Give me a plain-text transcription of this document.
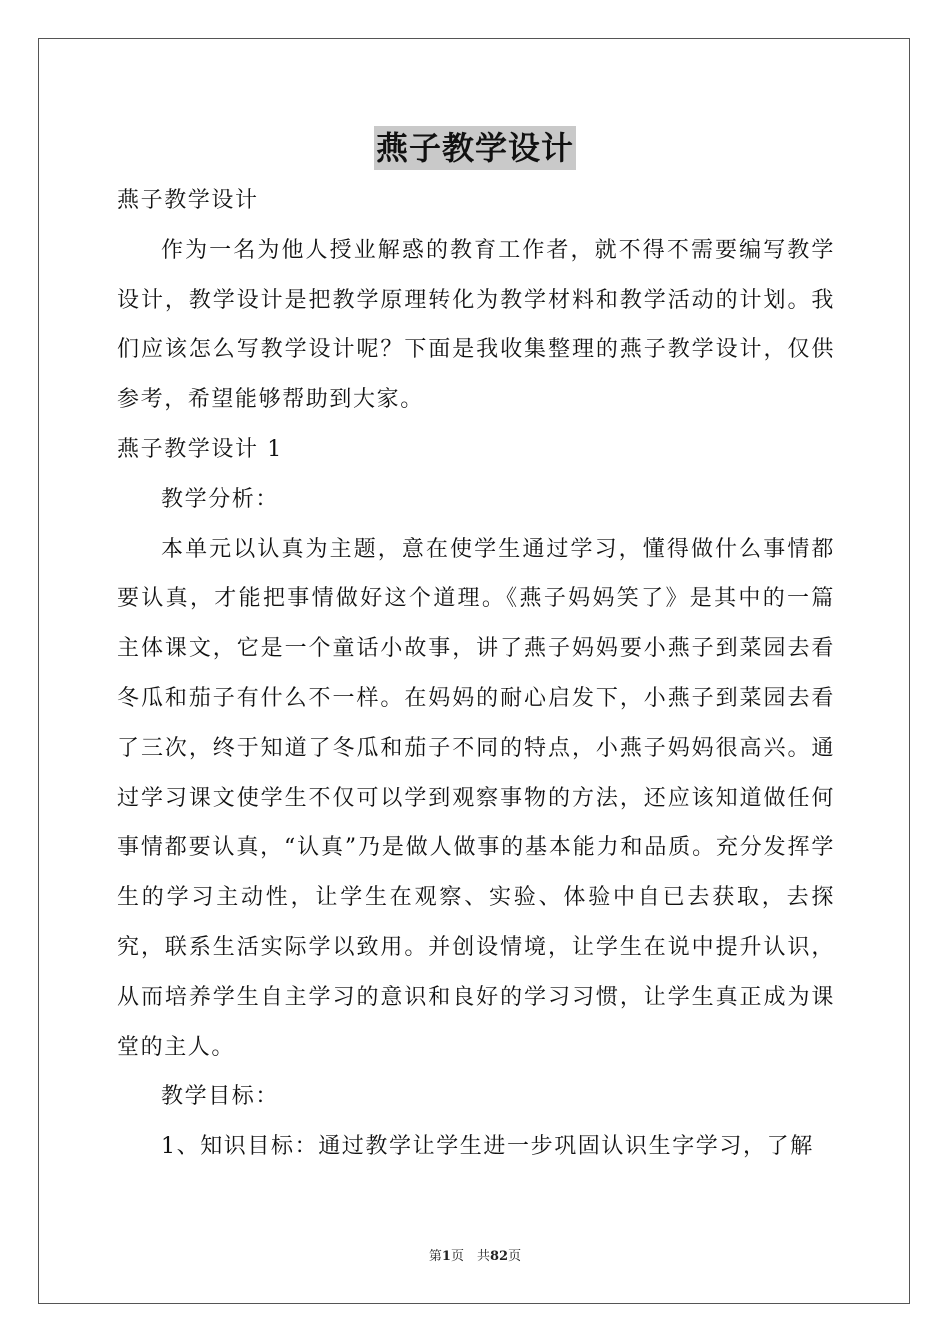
燕子教学设计

燕子教学设计

作为一名为他人授业解惑的教育工作者，就不得不需要编写教学设计，教学设计是把教学原理转化为教学材料和教学活动的计划。我们应该怎么写教学设计呢？下面是我收集整理的燕子教学设计，仅供参考，希望能够帮助到大家。

燕子教学设计 1

教学分析：

本单元以认真为主题，意在使学生通过学习，懂得做什么事情都要认真，才能把事情做好这个道理。《燕子妈妈笑了》是其中的一篇主体课文，它是一个童话小故事，讲了燕子妈妈要小燕子到菜园去看冬瓜和茄子有什么不一样。在妈妈的耐心启发下，小燕子到菜园去看了三次，终于知道了冬瓜和茄子不同的特点，小燕子妈妈很高兴。通过学习课文使学生不仅可以学到观察事物的方法，还应该知道做任何事情都要认真，“认真”乃是做人做事的基本能力和品质。充分发挥学生的学习主动性，让学生在观察、实验、体验中自已去获取，去探究，联系生活实际学以致用。并创设情境，让学生在说中提升认识，从而培养学生自主学习的意识和良好的学习习惯，让学生真正成为课堂的主人。

教学目标：

1、知识目标：通过教学让学生进一步巩固认识生字学习，了解

第1页　共82页
